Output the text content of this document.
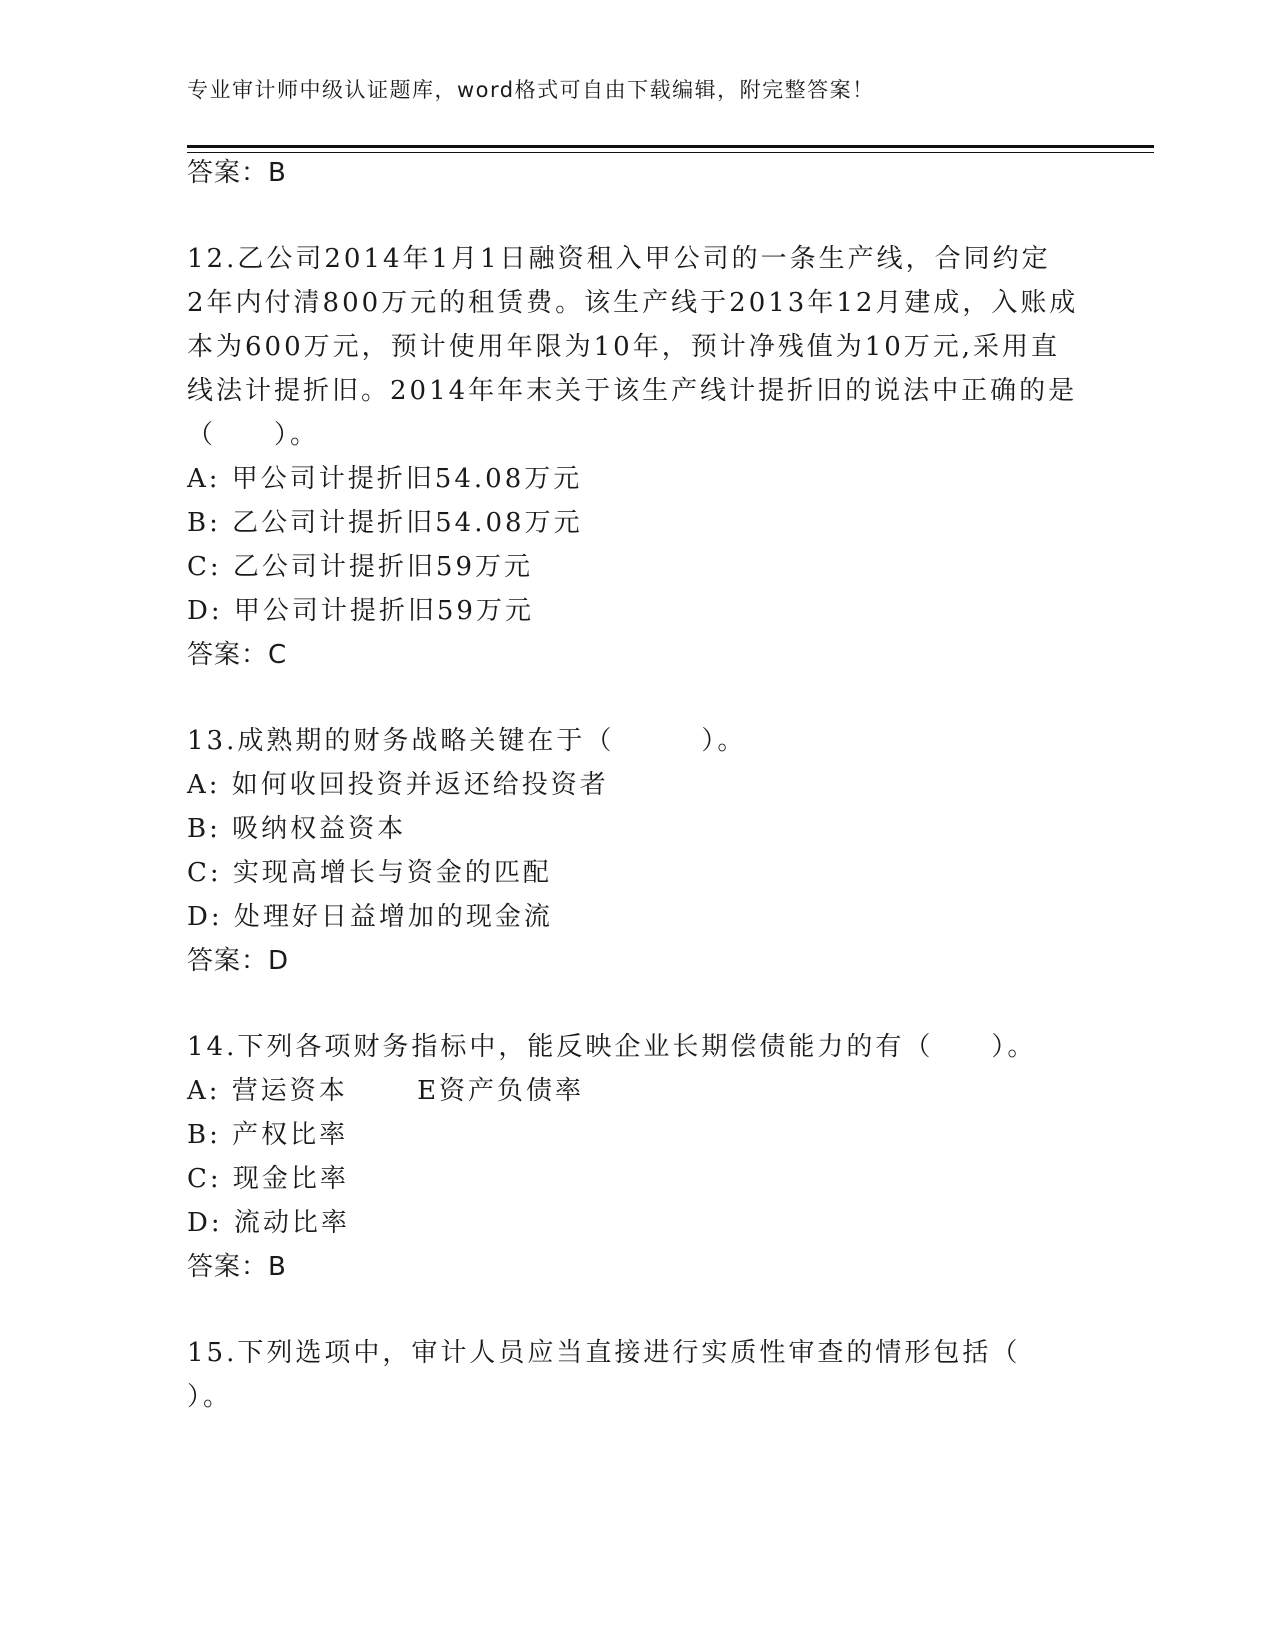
专业审计师中级认证题库，word格式可自由下载编辑，附完整答案！
答案：B
12.乙公司2014年1月1日融资租入甲公司的一条生产线，合同约定
2年内付清800万元的租赁费。该生产线于2013年12月建成，入账成
本为600万元，预计使用年限为10年，预计净残值为10万元,采用直
线法计提折旧。2014年年末关于该生产线计提折旧的说法中正确的是
（　　）。
A: 甲公司计提折旧54.08万元
B: 乙公司计提折旧54.08万元
C: 乙公司计提折旧59万元
D: 甲公司计提折旧59万元
答案：C
13.成熟期的财务战略关键在于（　　　）。
A: 如何收回投资并返还给投资者
B: 吸纳权益资本
C: 实现高增长与资金的匹配
D: 处理好日益增加的现金流
答案：D
14.下列各项财务指标中，能反映企业长期偿债能力的有（　　）。
A: 营运资本　　 E资产负债率
B: 产权比率
C: 现金比率
D: 流动比率
答案：B
15.下列选项中，审计人员应当直接进行实质性审查的情形包括（
）。
